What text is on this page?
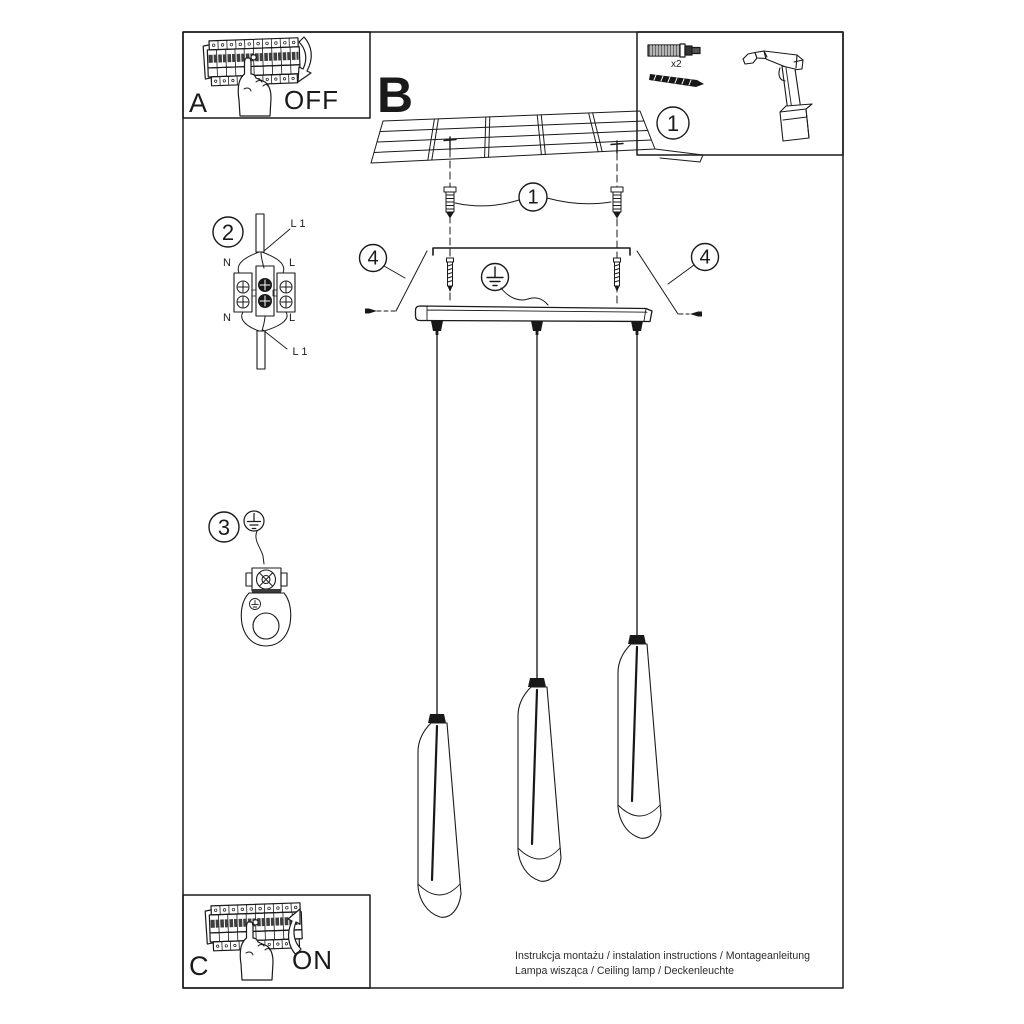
A	OFF B
x2
1
1
2
3
4	4
N	L
N	L
L 1
L 1
C	ON	Instrukcja montażu / instalation instructions / Montageanleitung
Lampa wisząca / Ceiling lamp / Deckenleuchte
